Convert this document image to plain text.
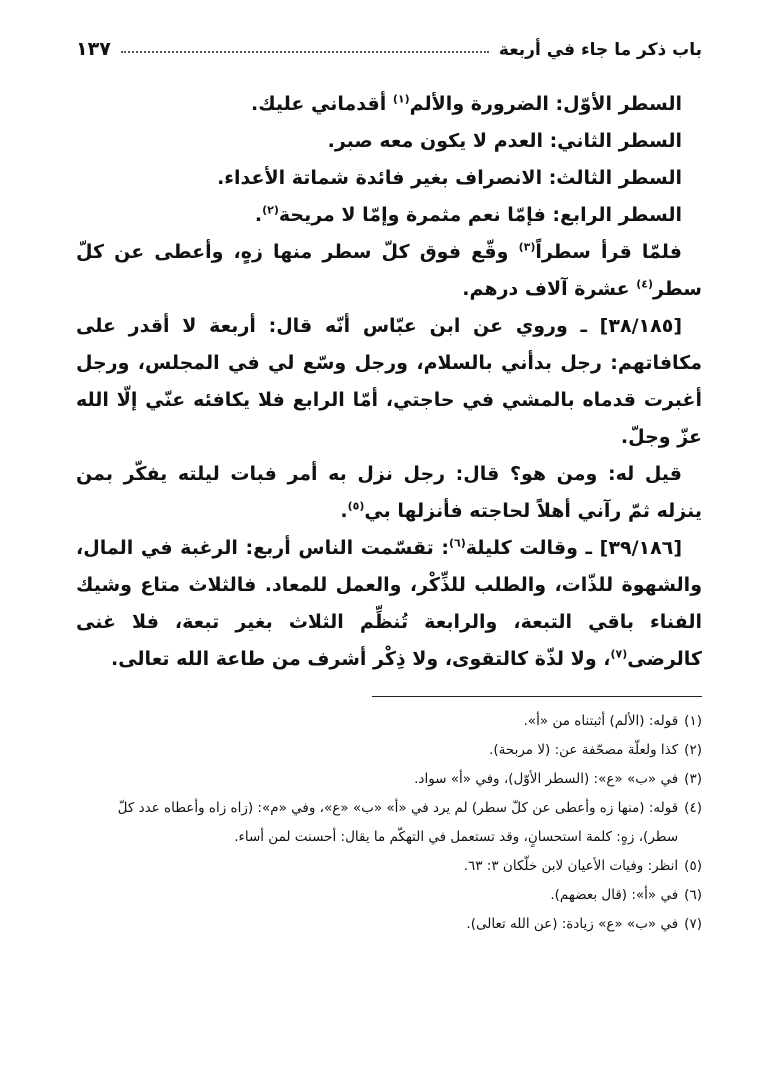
باب ذكر ما جاء في أربعة
١٣٧

السطر الأوّل: الضرورة والألم$^{(١)}$ أقدماني عليك.

السطر الثاني: العدم لا يكون معه صبر.

السطر الثالث: الانصراف بغير فائدة شماتة الأعداء.

السطر الرابع: فإمّا نعم مثمرة وإمّا لا مريحة$^{(٢)}$.

فلمّا قرأ سطراً$^{(٣)}$ وقّع فوق كلّ سطر منها زهٍ، وأعطى عن كلّ سطر$^{(٤)}$ عشرة آلاف درهم.

[٣٨/١٨٥] ـ وروي عن ابن عبّاس أنّه قال: أربعة لا أقدر على مكافاتهم: رجل بدأني بالسلام، ورجل وسّع لي في المجلس، ورجل أغبرت قدماه بالمشي في حاجتي، أمّا الرابع فلا يكافئه عنّي إلّا الله عزّ وجلّ.

قيل له: ومن هو؟ قال: رجل نزل به أمر فبات ليلته يفكّر بمن ينزله ثمّ رآني أهلاً لحاجته فأنزلها بي$^{(٥)}$.

[٣٩/١٨٦] ـ وقالت كليلة$^{(٦)}$: تقسّمت الناس أربع: الرغبة في المال، والشهوة للذّات، والطلب للذِّكْر، والعمل للمعاد. فالثلاث متاع وشيك الفناء باقي التبعة، والرابعة تُنظِّم الثلاث بغير تبعة، فلا غنى كالرضى$^{(٧)}$، ولا لذّة كالتقوى، ولا ذِكْر أشرف من طاعة الله تعالى.

(١)
قوله: (الألم) أثبتناه من «أ».
(٢)
كذا ولعلّة مصحّفة عن: (لا مربحة).
(٣)
في «ب» «ع»: (السطر الأوّل)، وفي «أ» سواد.
(٤)
قوله: (منها زه وأعطى عن كلّ سطر) لم يرد في «أ» «ب» «ع»، وفي «م»: (زاه زاه وأعطاه عدد كلّ سطر)، زهٍ: كلمة استحسانٍ، وقد تستعمل في التهكّم ما يقال: أحسنت لمن أساء.
(٥)
انظر: وفيات الأعيان لابن خلّكان ٣: ٦٣.
(٦)
في «أ»: (قال بعضهم).
(٧)
في «ب» «ع» زيادة: (عن الله تعالى).
